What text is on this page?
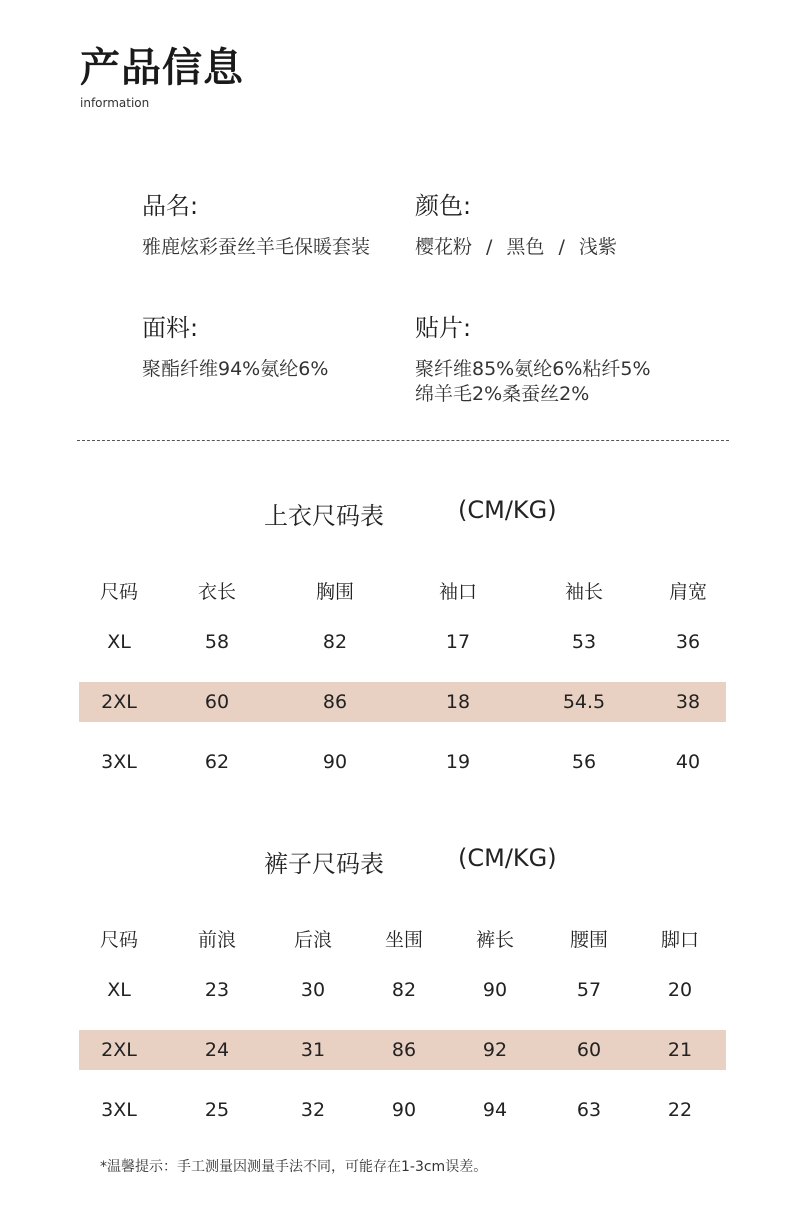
产品信息
information
品名:
雅鹿炫彩蚕丝羊毛保暖套装
颜色:
樱花粉 / 黑色 / 浅紫
面料:
聚酯纤维94%氨纶6%
贴片:
聚纤维85%氨纶6%粘纤5%
绵羊毛2%桑蚕丝2%
上衣尺码表	(CM/KG)
尺码	衣长	胸围	袖口	袖长	肩宽
XL	58	82	17	53	36
2XL	60	86	18	54.5	38
3XL	62	90	19	56	40
裤子尺码表	(CM/KG)
尺码	前浪	后浪	坐围	裤长	腰围	脚口
XL	23	30	82	90	57	20
2XL	24	31	86	92	60	21
3XL	25	32	90	94	63	22
*温馨提示：手工测量因测量手法不同，可能存在1-3cm误差。
